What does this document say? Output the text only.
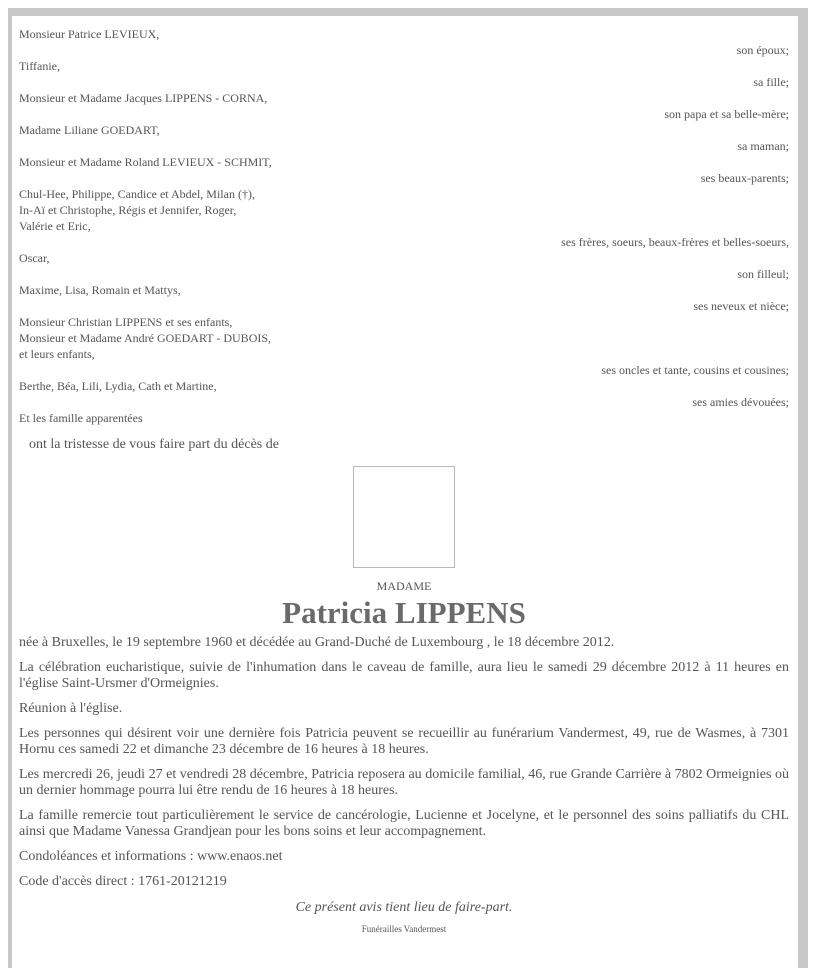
Monsieur Patrice LEVIEUX,
son époux;
Tiffanie,
sa fille;
Monsieur et Madame Jacques LIPPENS - CORNA,
son papa et sa belle-mère;
Madame Liliane GOEDART,
sa maman;
Monsieur et Madame Roland LEVIEUX - SCHMIT,
ses beaux-parents;
Chul-Hee, Philippe, Candice et Abdel, Milan (†),
In-Aï et Christophe, Régis et Jennifer, Roger,
Valérie et Eric,
ses frères, soeurs, beaux-frères et belles-soeurs,
Oscar,
son filleul;
Maxime, Lisa, Romain et Mattys,
ses neveux et nièce;
Monsieur Christian LIPPENS et ses enfants,
Monsieur et Madame André GOEDART - DUBOIS,
et leurs enfants,
ses oncles et tante, cousins et cousines;
Berthe, Béa, Lili, Lydia, Cath et Martine,
ses amies dévouées;
Et les famille apparentées
ont la tristesse de vous faire part du décès de
MADAME
Patricia LIPPENS
née à Bruxelles, le 19 septembre 1960 et décédée au Grand-Duché de Luxembourg , le 18 décembre 2012.
La célébration eucharistique, suivie de l'inhumation dans le caveau de famille, aura lieu le samedi 29 décembre 2012 à 11 heures en l'église Saint-Ursmer d'Ormeignies.
Réunion à l'église.
Les personnes qui désirent voir une dernière fois Patricia peuvent se recueillir au funérarium Vandermest, 49, rue de Wasmes, à 7301 Hornu ces samedi 22 et dimanche 23 décembre de 16 heures à 18 heures.
Les mercredi 26, jeudi 27 et vendredi 28 décembre, Patricia reposera au domicile familial, 46, rue Grande Carrière à 7802 Ormeignies où un dernier hommage pourra lui être rendu de 16 heures à 18 heures.
La famille remercie tout particulièrement le service de cancérologie, Lucienne et Jocelyne, et le personnel des soins palliatifs du CHL ainsi que Madame Vanessa Grandjean pour les bons soins et leur accompagnement.
Condoléances et informations : www.enaos.net
Code d'accès direct : 1761-20121219
Ce présent avis tient lieu de faire-part.
Funérailles Vandermest
